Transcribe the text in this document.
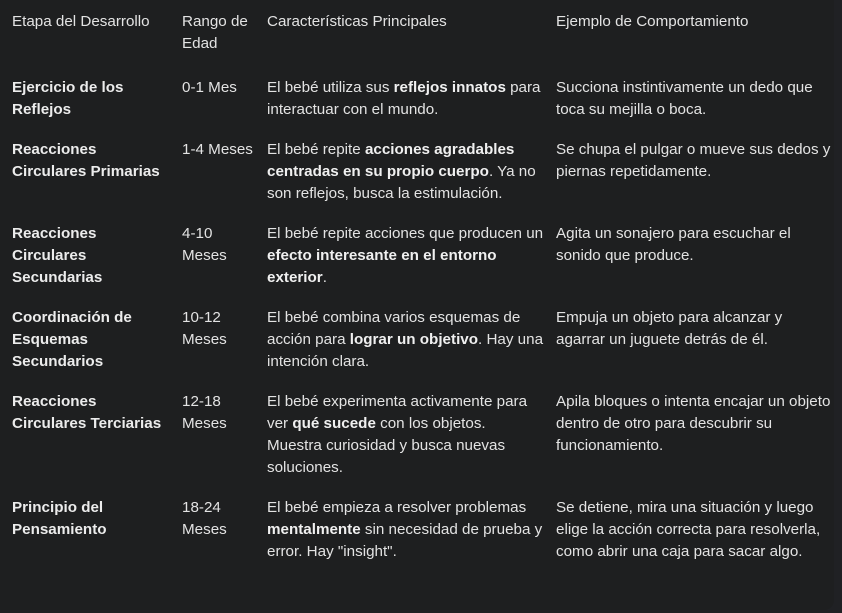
Etapa del Desarrollo	Rango de Edad	Características Principales	Ejemplo de Comportamiento
Ejercicio de los Reflejos	0-1 Mes	El bebé utiliza sus reflejos innatos para interactuar con el mundo.	Succiona instintivamente un dedo que toca su mejilla o boca.
Reacciones Circulares Primarias	1-4 Meses	El bebé repite acciones agradables centradas en su propio cuerpo. Ya no son reflejos, busca la estimulación.	Se chupa el pulgar o mueve sus dedos y piernas repetidamente.
Reacciones Circulares Secundarias	4-10 Meses	El bebé repite acciones que producen un efecto interesante en el entorno exterior.	Agita un sonajero para escuchar el sonido que produce.
Coordinación de Esquemas Secundarios	10-12 Meses	El bebé combina varios esquemas de acción para lograr un objetivo. Hay una intención clara.	Empuja un objeto para alcanzar y agarrar un juguete detrás de él.
Reacciones Circulares Terciarias	12-18 Meses	El bebé experimenta activamente para ver qué sucede con los objetos. Muestra curiosidad y busca nuevas soluciones.	Apila bloques o intenta encajar un objeto dentro de otro para descubrir su funcionamiento.
Principio del Pensamiento	18-24 Meses	El bebé empieza a resolver problemas mentalmente sin necesidad de prueba y error. Hay "insight".	Se detiene, mira una situación y luego elige la acción correcta para resolverla, como abrir una caja para sacar algo.
